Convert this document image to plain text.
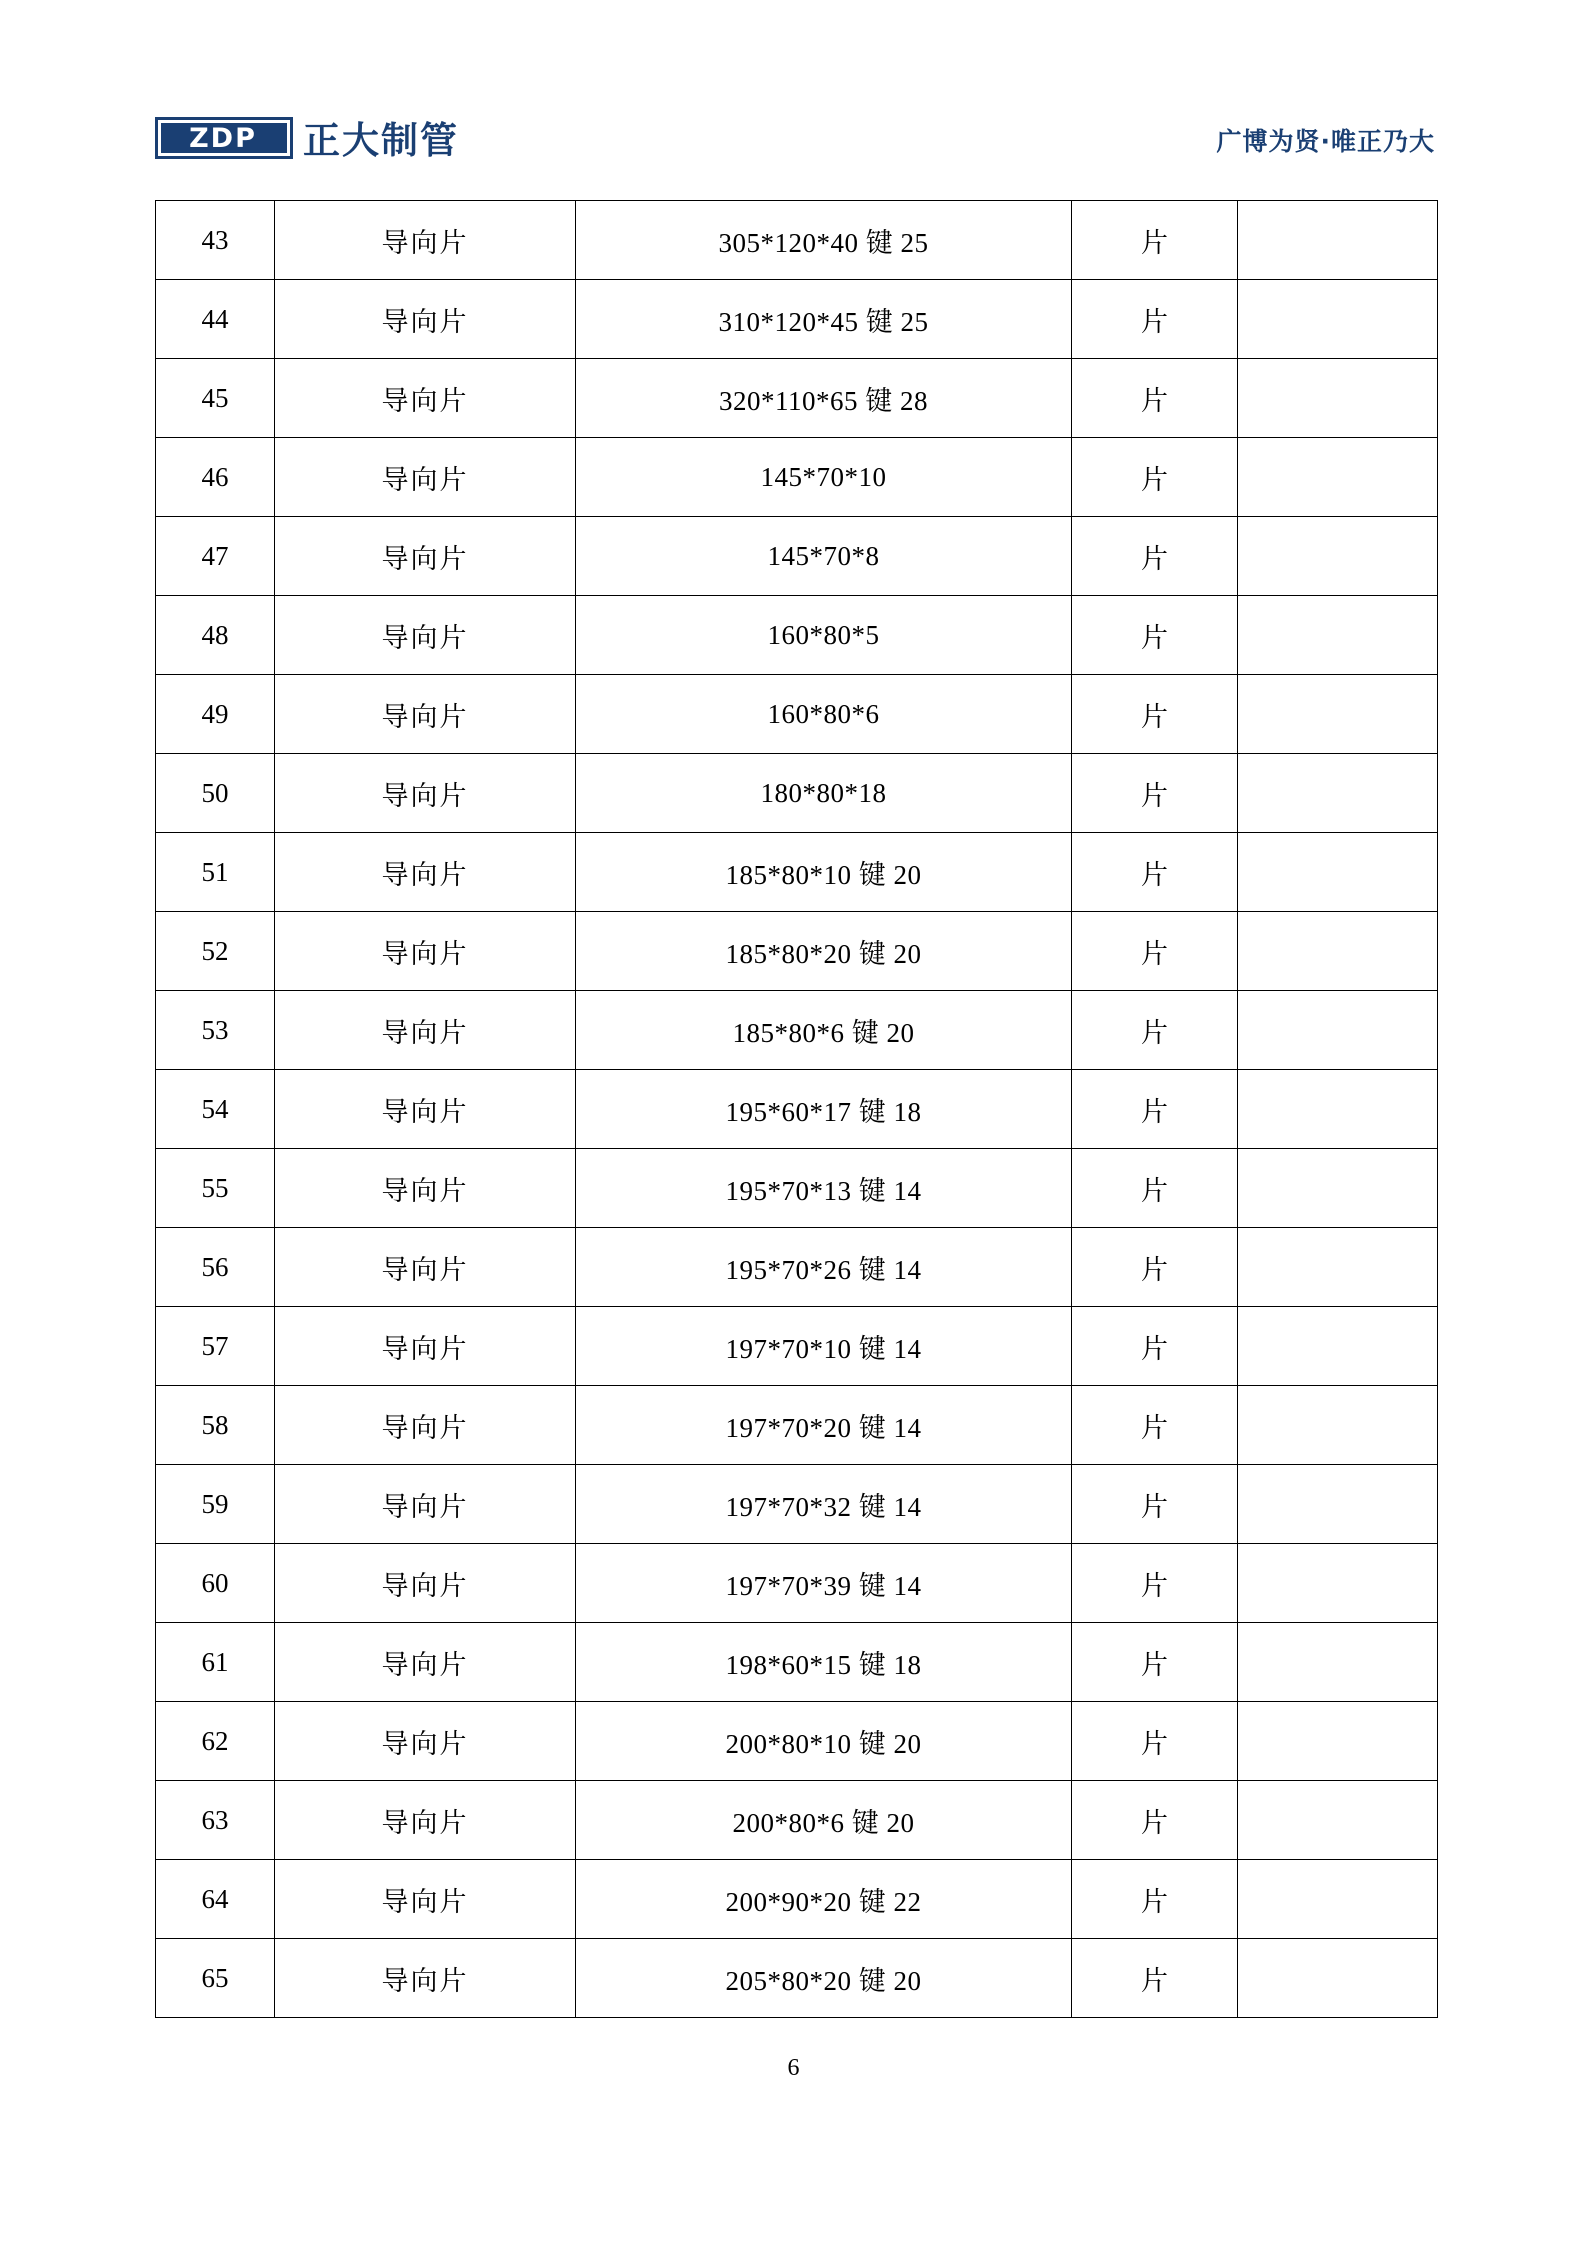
ZDP 正大制管	广博为贤·唯正乃大
43	导向片	305*120*40 键 25	片	
44	导向片	310*120*45 键 25	片	
45	导向片	320*110*65 键 28	片	
46	导向片	145*70*10	片	
47	导向片	145*70*8	片	
48	导向片	160*80*5	片	
49	导向片	160*80*6	片	
50	导向片	180*80*18	片	
51	导向片	185*80*10 键 20	片	
52	导向片	185*80*20 键 20	片	
53	导向片	185*80*6 键 20	片	
54	导向片	195*60*17 键 18	片	
55	导向片	195*70*13 键 14	片	
56	导向片	195*70*26 键 14	片	
57	导向片	197*70*10 键 14	片	
58	导向片	197*70*20 键 14	片	
59	导向片	197*70*32 键 14	片	
60	导向片	197*70*39 键 14	片	
61	导向片	198*60*15 键 18	片	
62	导向片	200*80*10 键 20	片	
63	导向片	200*80*6 键 20	片	
64	导向片	200*90*20 键 22	片	
65	导向片	205*80*20 键 20	片	
6
